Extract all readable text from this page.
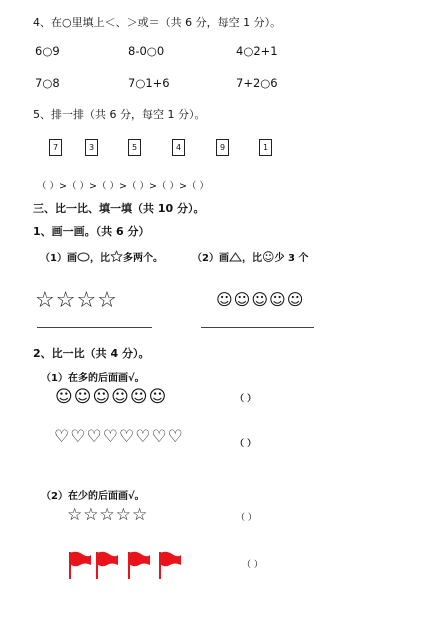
4、在○里填上＜、＞或＝（共 6 分，每空 1 分）。
6○9	8-0○0	4○2+1
7○8	7○1+6	7+2○6
5、排一排（共 6 分，每空 1 分）。
7	3	5	4	9	1
（ ）>（ ）>（ ）>（ ）>（ ）>（ ）
三、比一比、填一填（共 10 分）。
1、画一画。（共 6 分）
（1）画 ，比 多两个。	（2）画 ，比☺少 3 个
☆☆☆☆	☺☺☺☺☺
2、比一比（共 4 分）。
（1）在多的后面画√。
☺☺☺☺☺☺	（ ）
♡♡♡♡♡♡♡♡	（ ）
（2）在少的后面画√。
☆☆☆☆☆	（ ）
（ ）
